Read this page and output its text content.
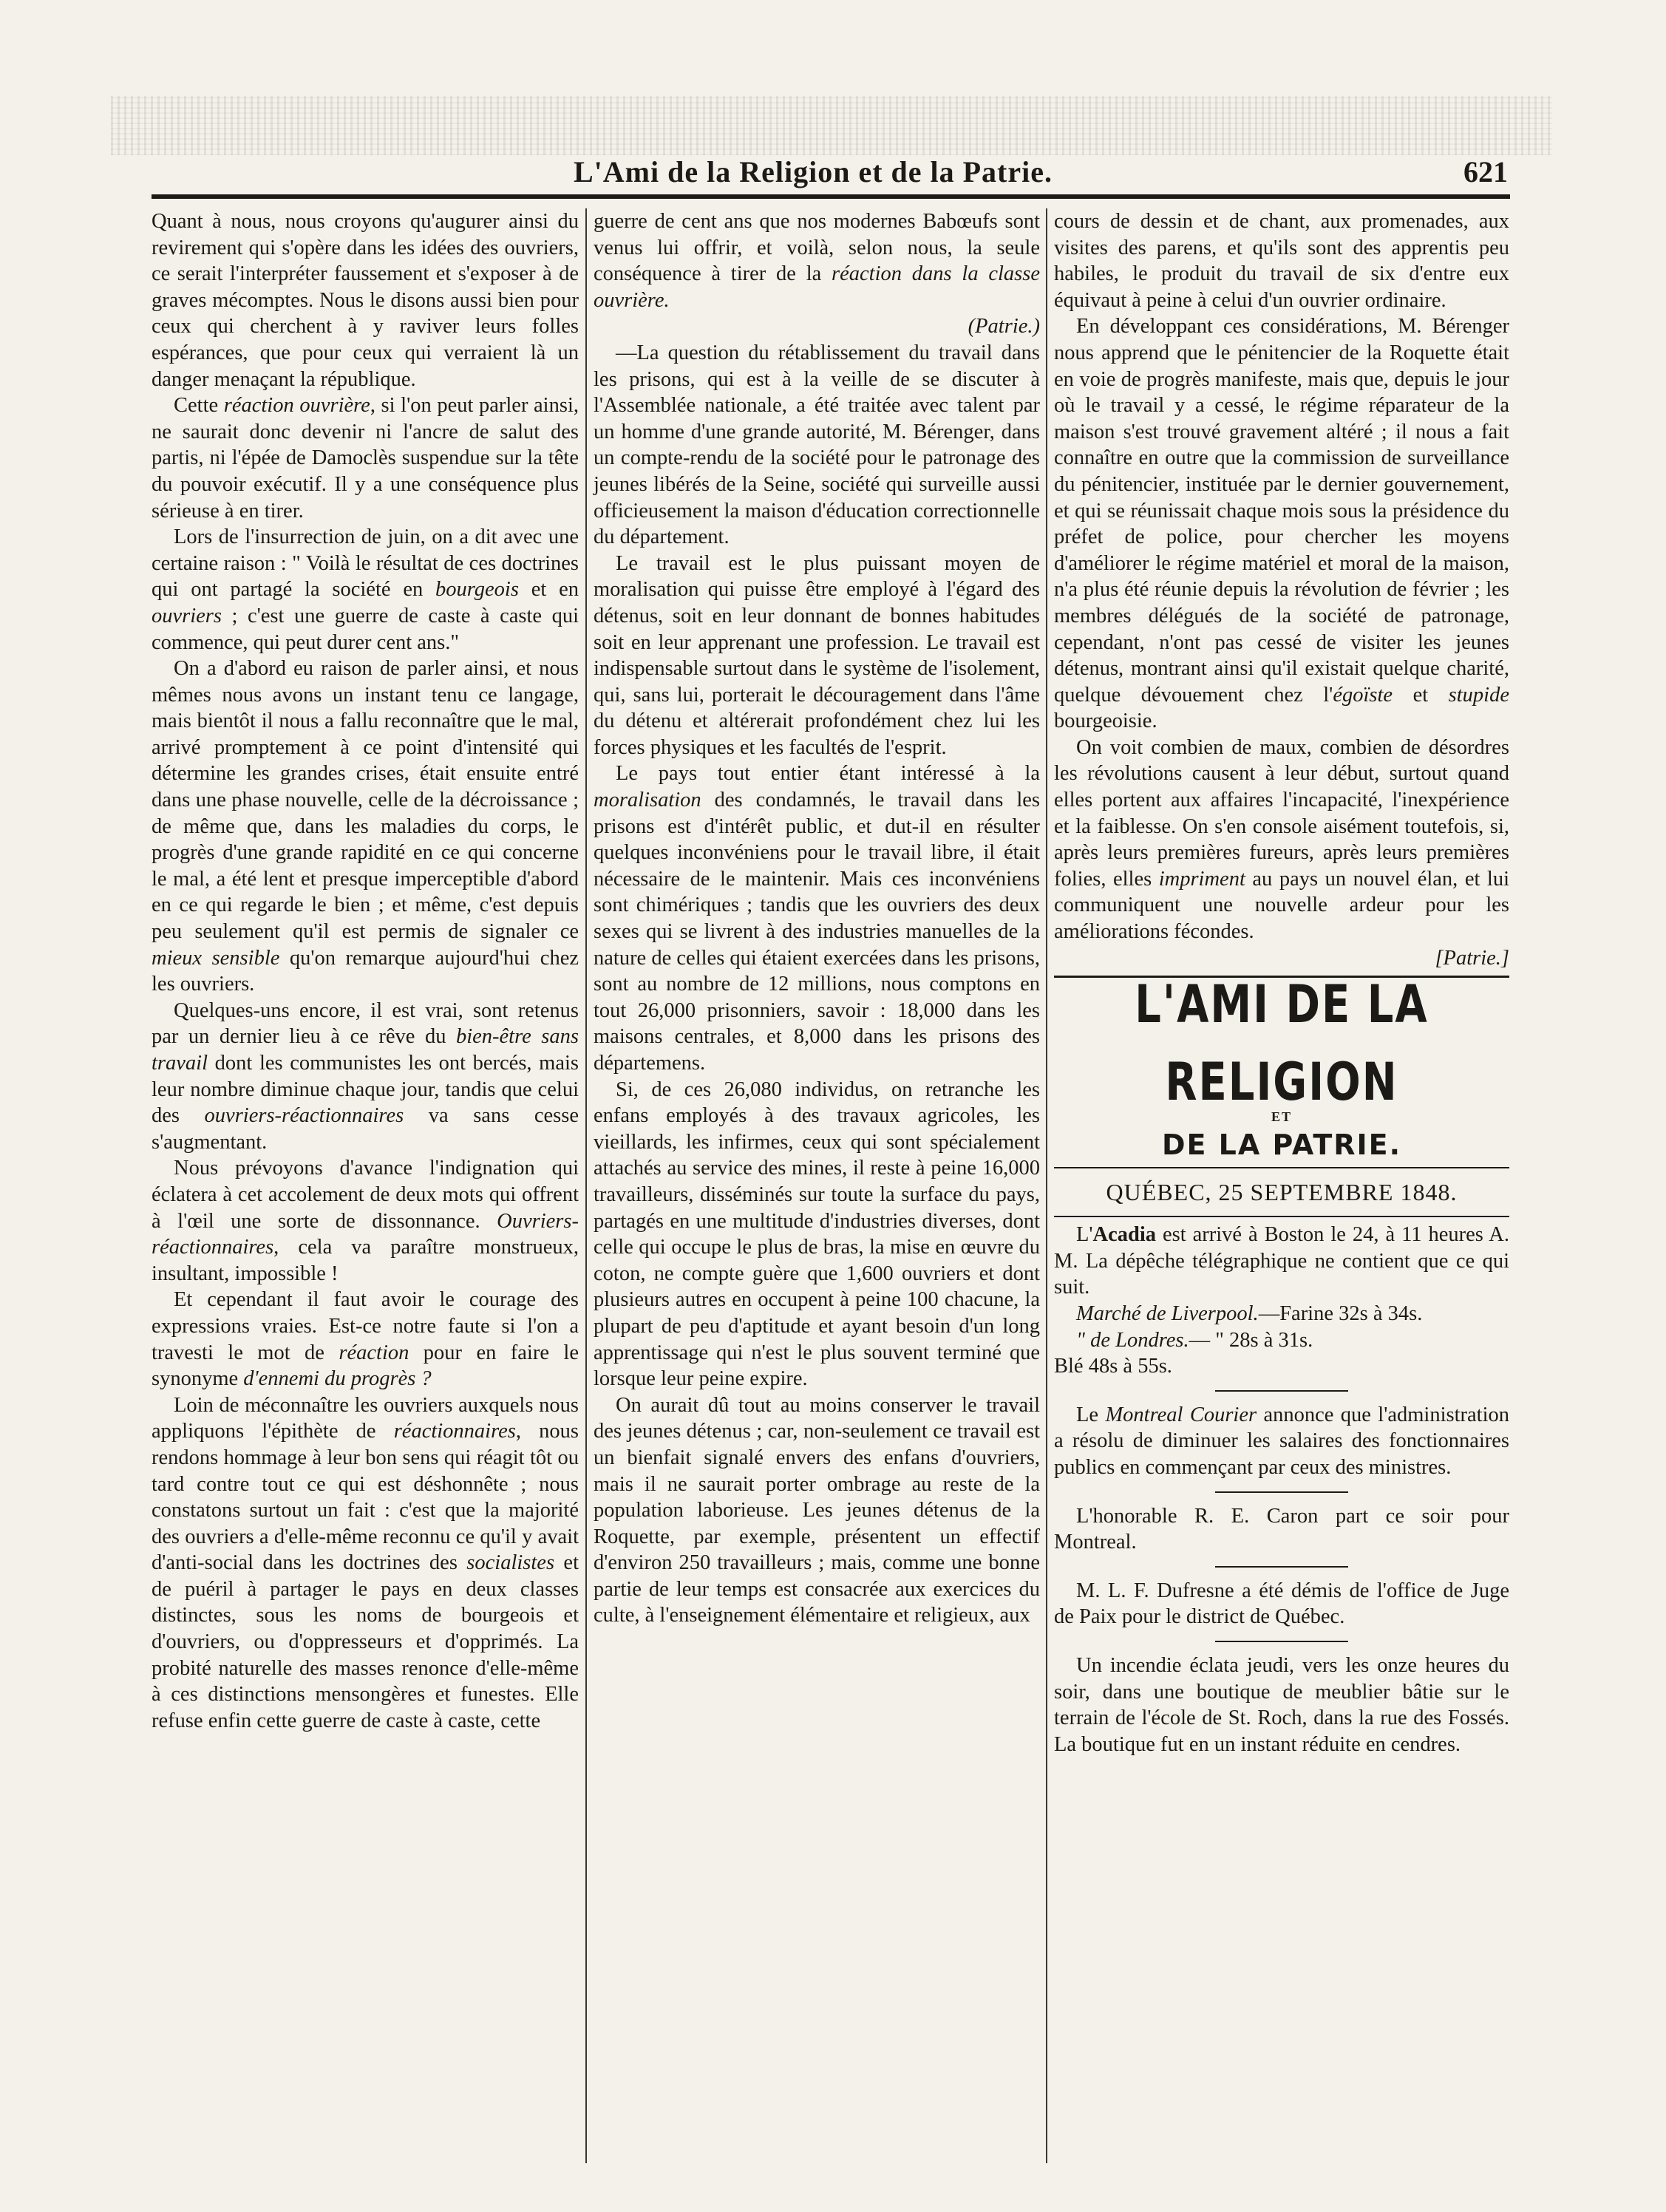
L'Ami de la Religion et de la Patrie.	621

Quant à nous, nous croyons qu'augurer ainsi du revirement qui s'opère dans les idées des ouvriers, ce serait l'interpréter faussement et s'exposer à de graves mécomptes. Nous le disons aussi bien pour ceux qui cherchent à y raviver leurs folles espérances, que pour ceux qui verraient là un danger menaçant la république.

Cette réaction ouvrière, si l'on peut parler ainsi, ne saurait donc devenir ni l'ancre de salut des partis, ni l'épée de Damoclès suspendue sur la tête du pouvoir exécutif. Il y a une conséquence plus sérieuse à en tirer.

Lors de l'insurrection de juin, on a dit avec une certaine raison : " Voilà le résultat de ces doctrines qui ont partagé la société en bourgeois et en ouvriers ; c'est une guerre de caste à caste qui commence, qui peut durer cent ans."

On a d'abord eu raison de parler ainsi, et nous mêmes nous avons un instant tenu ce langage, mais bientôt il nous a fallu reconnaître que le mal, arrivé promptement à ce point d'intensité qui détermine les grandes crises, était ensuite entré dans une phase nouvelle, celle de la décroissance ; de même que, dans les maladies du corps, le progrès d'une grande rapidité en ce qui concerne le mal, a été lent et presque imperceptible d'abord en ce qui regarde le bien ; et même, c'est depuis peu seulement qu'il est permis de signaler ce mieux sensible qu'on remarque aujourd'hui chez les ouvriers.

Quelques-uns encore, il est vrai, sont retenus par un dernier lieu à ce rêve du bien-être sans travail dont les communistes les ont bercés, mais leur nombre diminue chaque jour, tandis que celui des ouvriers-réactionnaires va sans cesse s'augmentant.

Nous prévoyons d'avance l'indignation qui éclatera à cet accolement de deux mots qui offrent à l'œil une sorte de dissonnance. Ouvriers-réactionnaires, cela va paraître monstrueux, insultant, impossible !

Et cependant il faut avoir le courage des expressions vraies. Est-ce notre faute si l'on a travesti le mot de réaction pour en faire le synonyme d'ennemi du progrès ?

Loin de méconnaître les ouvriers auxquels nous appliquons l'épithète de réactionnaires, nous rendons hommage à leur bon sens qui réagit tôt ou tard contre tout ce qui est déshonnête ; nous constatons surtout un fait : c'est que la majorité des ouvriers a d'elle-même reconnu ce qu'il y avait d'anti-social dans les doctrines des socialistes et de puéril à partager le pays en deux classes distinctes, sous les noms de bourgeois et d'ouvriers, ou d'oppresseurs et d'opprimés. La probité naturelle des masses renonce d'elle-même à ces distinctions mensongères et funestes. Elle refuse enfin cette guerre de caste à caste, cette

guerre de cent ans que nos modernes Babœufs sont venus lui offrir, et voilà, selon nous, la seule conséquence à tirer de la réaction dans la classe ouvrière.

(Patrie.)

—La question du rétablissement du travail dans les prisons, qui est à la veille de se discuter à l'Assemblée nationale, a été traitée avec talent par un homme d'une grande autorité, M. Bérenger, dans un compte-rendu de la société pour le patronage des jeunes libérés de la Seine, société qui surveille aussi officieusement la maison d'éducation correctionnelle du département.

Le travail est le plus puissant moyen de moralisation qui puisse être employé à l'égard des détenus, soit en leur donnant de bonnes habitudes soit en leur apprenant une profession. Le travail est indispensable surtout dans le système de l'isolement, qui, sans lui, porterait le découragement dans l'âme du détenu et altérerait profondément chez lui les forces physiques et les facultés de l'esprit.

Le pays tout entier étant intéressé à la moralisation des condamnés, le travail dans les prisons est d'intérêt public, et dut-il en résulter quelques inconvéniens pour le travail libre, il était nécessaire de le maintenir. Mais ces inconvéniens sont chimériques ; tandis que les ouvriers des deux sexes qui se livrent à des industries manuelles de la nature de celles qui étaient exercées dans les prisons, sont au nombre de 12 millions, nous comptons en tout 26,000 prisonniers, savoir : 18,000 dans les maisons centrales, et 8,000 dans les prisons des départemens.

Si, de ces 26,080 individus, on retranche les enfans employés à des travaux agricoles, les vieillards, les infirmes, ceux qui sont spécialement attachés au service des mines, il reste à peine 16,000 travailleurs, disséminés sur toute la surface du pays, partagés en une multitude d'industries diverses, dont celle qui occupe le plus de bras, la mise en œuvre du coton, ne compte guère que 1,600 ouvriers et dont plusieurs autres en occupent à peine 100 chacune, la plupart de peu d'aptitude et ayant besoin d'un long apprentissage qui n'est le plus souvent terminé que lorsque leur peine expire.

On aurait dû tout au moins conserver le travail des jeunes détenus ; car, non-seulement ce travail est un bienfait signalé envers des enfans d'ouvriers, mais il ne saurait porter ombrage au reste de la population laborieuse. Les jeunes détenus de la Roquette, par exemple, présentent un effectif d'environ 250 travailleurs ; mais, comme une bonne partie de leur temps est consacrée aux exercices du culte, à l'enseignement élémentaire et religieux, aux

cours de dessin et de chant, aux promenades, aux visites des parens, et qu'ils sont des apprentis peu habiles, le produit du travail de six d'entre eux équivaut à peine à celui d'un ouvrier ordinaire.

En développant ces considérations, M. Bérenger nous apprend que le pénitencier de la Roquette était en voie de progrès manifeste, mais que, depuis le jour où le travail y a cessé, le régime réparateur de la maison s'est trouvé gravement altéré ; il nous a fait connaître en outre que la commission de surveillance du pénitencier, instituée par le dernier gouvernement, et qui se réunissait chaque mois sous la présidence du préfet de police, pour chercher les moyens d'améliorer le régime matériel et moral de la maison, n'a plus été réunie depuis la révolution de février ; les membres délégués de la société de patronage, cependant, n'ont pas cessé de visiter les jeunes détenus, montrant ainsi qu'il existait quelque charité, quelque dévouement chez l'égoïste et stupide bourgeoisie.

On voit combien de maux, combien de désordres les révolutions causent à leur début, surtout quand elles portent aux affaires l'incapacité, l'inexpérience et la faiblesse. On s'en console aisément toutefois, si, après leurs premières fureurs, après leurs premières folies, elles impriment au pays un nouvel élan, et lui communiquent une nouvelle ardeur pour les améliorations fécondes.

[Patrie.]

L'AMI DE LA RELIGION
ET
DE LA PATRIE.
QUÉBEC, 25 SEPTEMBRE 1848.

L'Acadia est arrivé à Boston le 24, à 11 heures A. M. La dépêche télégraphique ne contient que ce qui suit.

Marché de Liverpool.—Farine 32s à 34s.

" de Londres.— " 28s à 31s.

Blé 48s à 55s.

Le Montreal Courier annonce que l'administration a résolu de diminuer les salaires des fonctionnaires publics en commençant par ceux des ministres.

L'honorable R. E. Caron part ce soir pour Montreal.

M. L. F. Dufresne a été démis de l'office de Juge de Paix pour le district de Québec.

Un incendie éclata jeudi, vers les onze heures du soir, dans une boutique de meublier bâtie sur le terrain de l'école de St. Roch, dans la rue des Fossés. La boutique fut en un instant réduite en cendres.
